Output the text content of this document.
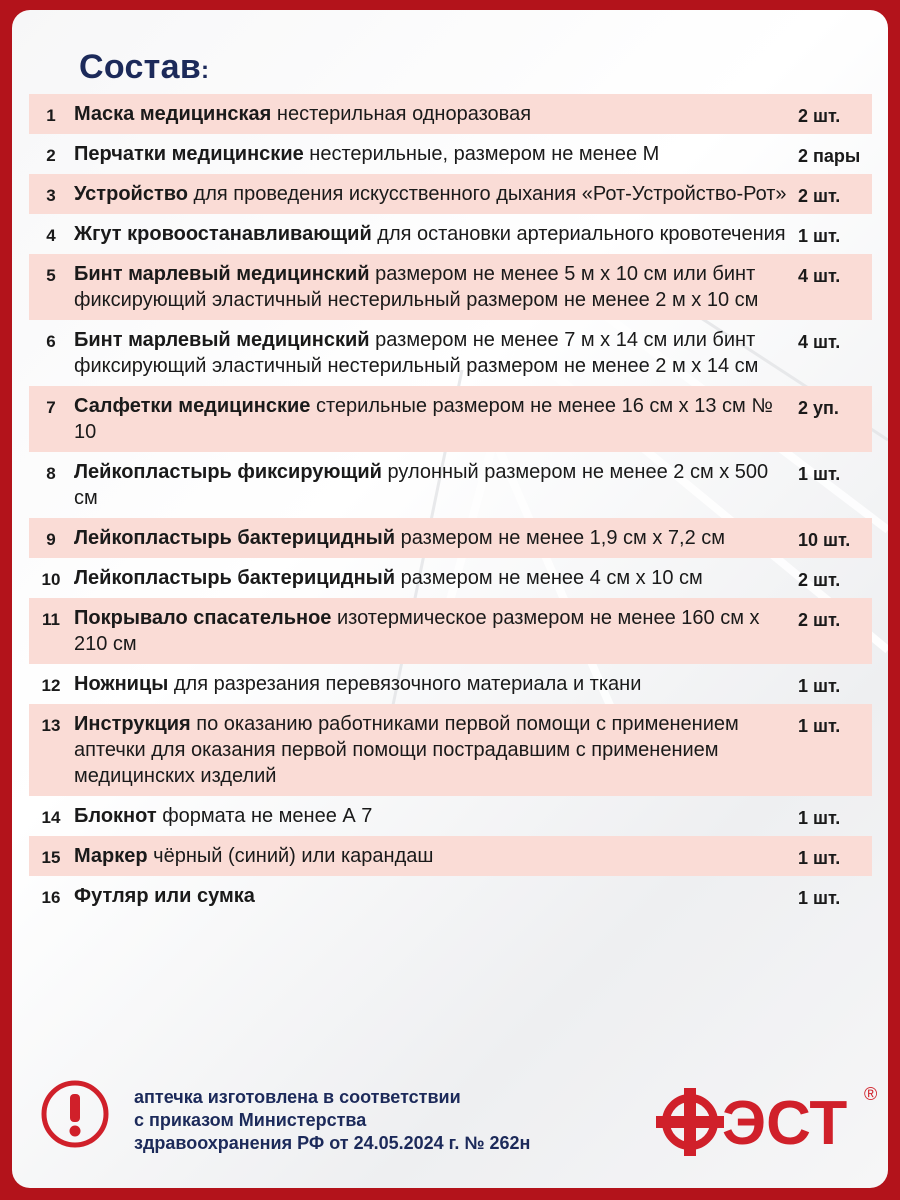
Состав:
1 Маска медицинская нестерильная одноразовая	2 шт.
2 Перчатки медицинские нестерильные, размером не менее M	2 пары
3 Устройство для проведения искусственного дыхания «Рот-Устройство-Рот» 2 шт.
4 Жгут кровоостанавливающий для остановки артериального кровотечения 1 шт.
5 Бинт марлевый медицинский размером не менее 5 м х 10 см или бинт фиксирующий эластичный нестерильный размером не менее 2 м х 10 см
4 шт.
6 Бинт марлевый медицинский размером не менее 7 м х 14 см или бинт фиксирующий эластичный нестерильный размером не менее 2 м х 14 см
4 шт.
7 Салфетки медицинские стерильные размером не менее 16 см х 13 см № 10
2 уп.
8 Лейкопластырь фиксирующий рулонный размером не менее 2 см х 500 см
1 шт.
9 Лейкопластырь бактерицидный размером не менее 1,9 см х 7,2 см	10 шт.
10 Лейкопластырь бактерицидный размером не менее 4 см х 10 см	2 шт.
11 Покрывало спасательное изотермическое размером не менее 160 см х 210 см
2 шт.
12 Ножницы для разрезания перевязочного материала и ткани	1 шт.
13 Инструкция по оказанию работниками первой помощи с применением аптечки для оказания первой помощи пострадавшим с применением медицинских изделий
1 шт.
14 Блокнот формата не менее А 7	1 шт.
15 Маркер чёрный (синий) или карандаш	1 шт.
16 Футляр или сумка	1 шт.
аптечка изготовлена в соответствии
с приказом Министерства
здравоохранения РФ от 24.05.2024 г. № 262н	ЭСТ ®
